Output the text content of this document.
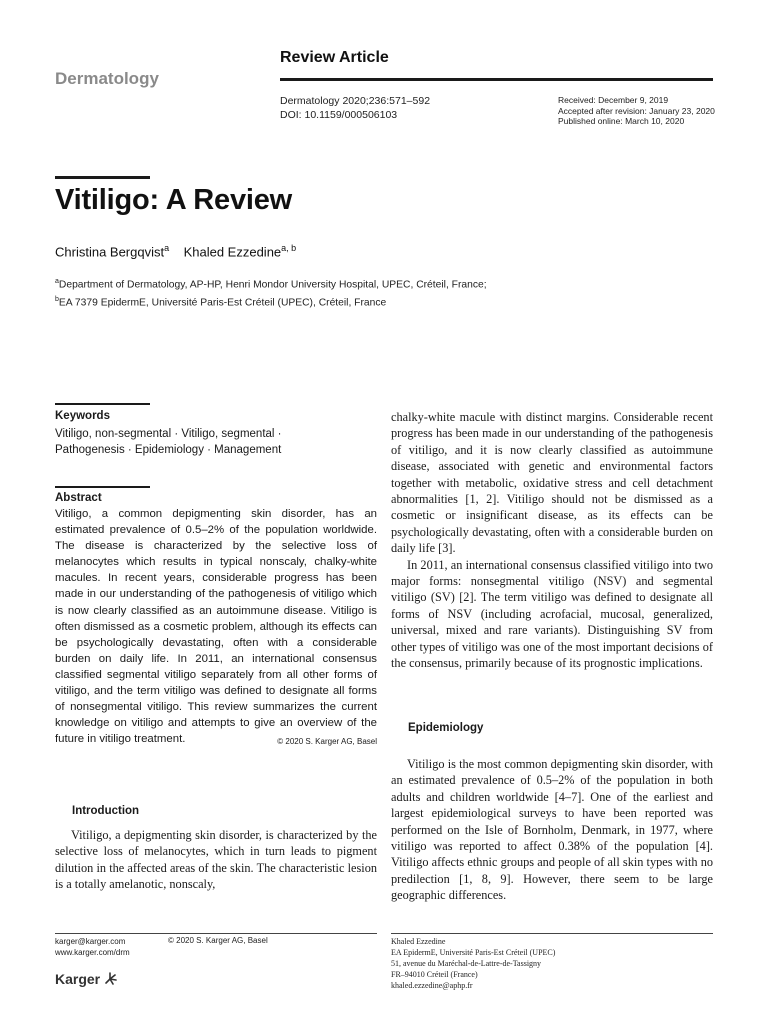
Dermatology
Review Article
Dermatology 2020;236:571–592
DOI: 10.1159/000506103
Received: December 9, 2019
Accepted after revision: January 23, 2020
Published online: March 10, 2020
Vitiligo: A Review
Christina Bergqvist$^a$ Khaled Ezzedine$^{a, b}$
$^a$Department of Dermatology, AP-HP, Henri Mondor University Hospital, UPEC, Créteil, France;
$^b$EA 7379 EpidermE, Université Paris-Est Créteil (UPEC), Créteil, France
Keywords
Vitiligo, non-segmental · Vitiligo, segmental · Pathogenesis · Epidemiology · Management
Abstract
Vitiligo, a common depigmenting skin disorder, has an estimated prevalence of 0.5–2% of the population worldwide. The disease is characterized by the selective loss of melanocytes which results in typical nonscaly, chalky-white macules. In recent years, considerable progress has been made in our understanding of the pathogenesis of vitiligo which is now clearly classified as an autoimmune disease. Vitiligo is often dismissed as a cosmetic problem, although its effects can be psychologically devastating, often with a considerable burden on daily life. In 2011, an international consensus classified segmental vitiligo separately from all other forms of vitiligo, and the term vitiligo was defined to designate all forms of nonsegmental vitiligo. This review summarizes the current knowledge on vitiligo and attempts to give an overview of the future in vitiligo treatment.	© 2020 S. Karger AG, Basel
Introduction

Vitiligo, a depigmenting skin disorder, is characterized by the selective loss of melanocytes, which in turn leads to pigment dilution in the affected areas of the skin. The characteristic lesion is a totally amelanotic, nonscaly,

chalky-white macule with distinct margins. Considerable recent progress has been made in our understanding of the pathogenesis of vitiligo, and it is now clearly classified as autoimmune disease, associated with genetic and environmental factors together with metabolic, oxidative stress and cell detachment abnormalities [1, 2]. Vitiligo should not be dismissed as a cosmetic or insignificant disease, as its effects can be psychologically devastating, often with a considerable burden on daily life [3].

In 2011, an international consensus classified vitiligo into two major forms: nonsegmental vitiligo (NSV) and segmental vitiligo (SV) [2]. The term vitiligo was defined to designate all forms of NSV (including acrofacial, mucosal, generalized, universal, mixed and rare variants). Distinguishing SV from other types of vitiligo was one of the most important decisions of the consensus, primarily because of its prognostic implications.

Epidemiology

Vitiligo is the most common depigmenting skin disorder, with an estimated prevalence of 0.5–2% of the population in both adults and children worldwide [4–7]. One of the earliest and largest epidemiological surveys to have been reported was performed on the Isle of Bornholm, Denmark, in 1977, where vitiligo was reported to affect 0.38% of the population [4]. Vitiligo affects ethnic groups and people of all skin types with no predilection [1, 8, 9]. However, there seem to be large geographic differences.

karger@karger.com
www.karger.com/drm
© 2020 S. Karger AG, Basel
Karger
Khaled Ezzedine
EA EpidermE, Université Paris-Est Créteil (UPEC)
51, avenue du Maréchal-de-Lattre-de-Tassigny
FR–94010 Créteil (France)
khaled.ezzedine@aphp.fr
